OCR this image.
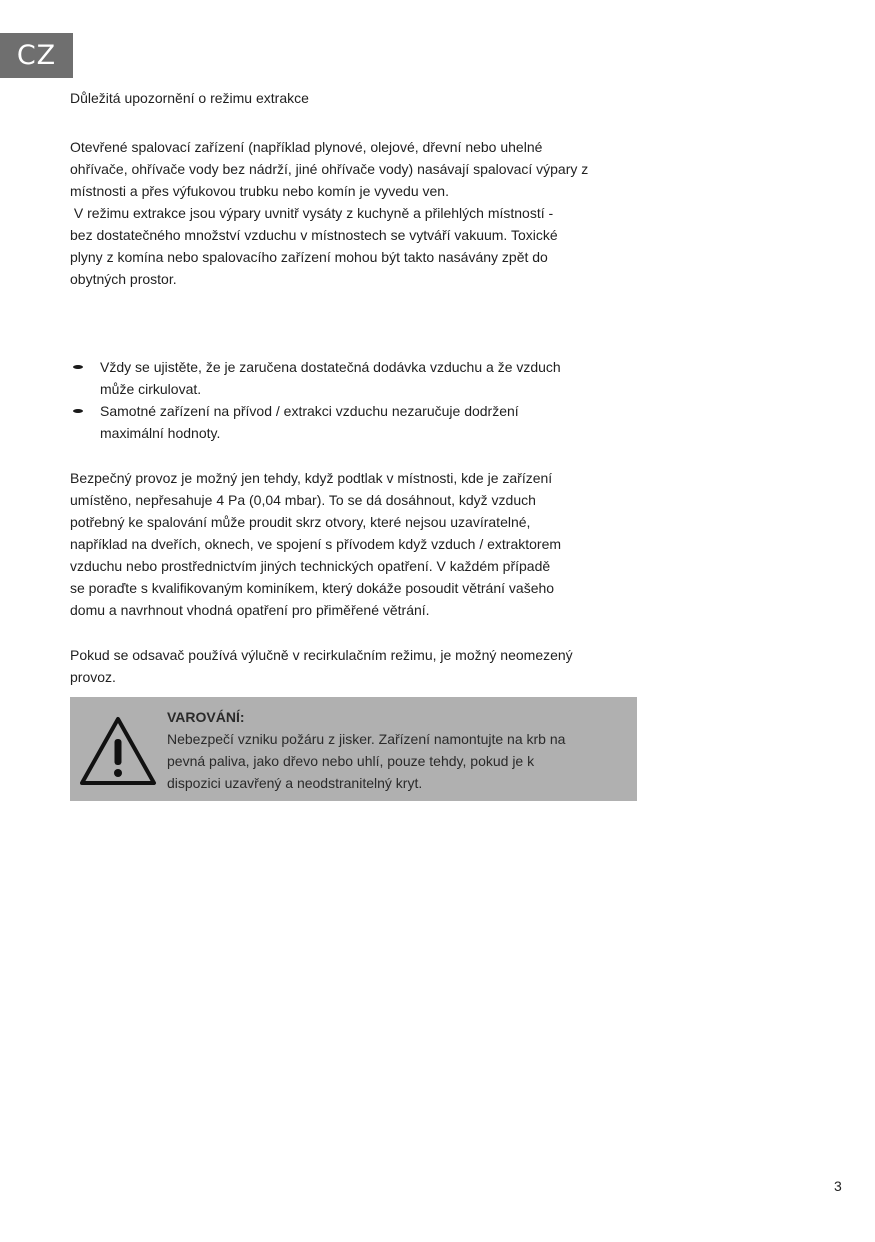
CZ

Důležitá upozornění o režimu extrakce

Otevřené spalovací zařízení (například plynové, olejové, dřevní nebo uhelné

ohřívače, ohřívače vody bez nádrží, jiné ohřívače vody) nasávají spalovací výpary z

místnosti a přes výfukovou trubku nebo komín je vyvedu ven.

V režimu extrakce jsou výpary uvnitř vysáty z kuchyně a přilehlých místností -

bez dostatečného množství vzduchu v místnostech se vytváří vakuum. Toxické

plyny z komína nebo spalovacího zařízení mohou být takto nasávány zpět do

obytných prostor.

Vždy se ujistěte, že je zaručena dostatečná dodávka vzduchu a že vzduch
může cirkulovat.
Samotné zařízení na přívod / extrakci vzduchu nezaručuje dodržení
maximální hodnoty.

Bezpečný provoz je možný jen tehdy, když podtlak v místnosti, kde je zařízení

umístěno, nepřesahuje 4 Pa (0,04 mbar). To se dá dosáhnout, když vzduch

potřebný ke spalování může proudit skrz otvory, které nejsou uzavíratelné,

například na dveřích, oknech, ve spojení s přívodem když vzduch / extraktorem

vzduchu nebo prostřednictvím jiných technických opatření. V každém případě

se poraďte s kvalifikovaným kominíkem, který dokáže posoudit větrání vašeho

domu a navrhnout vhodná opatření pro přiměřené větrání.

Pokud se odsavač používá výlučně v recirkulačním režimu, je možný neomezený

provoz.

VAROVÁNÍ:
Nebezpečí vzniku požáru z jisker. Zařízení namontujte na krb na
pevná paliva, jako dřevo nebo uhlí, pouze tehdy, pokud je k
dispozici uzavřený a neodstranitelný kryt.
3
